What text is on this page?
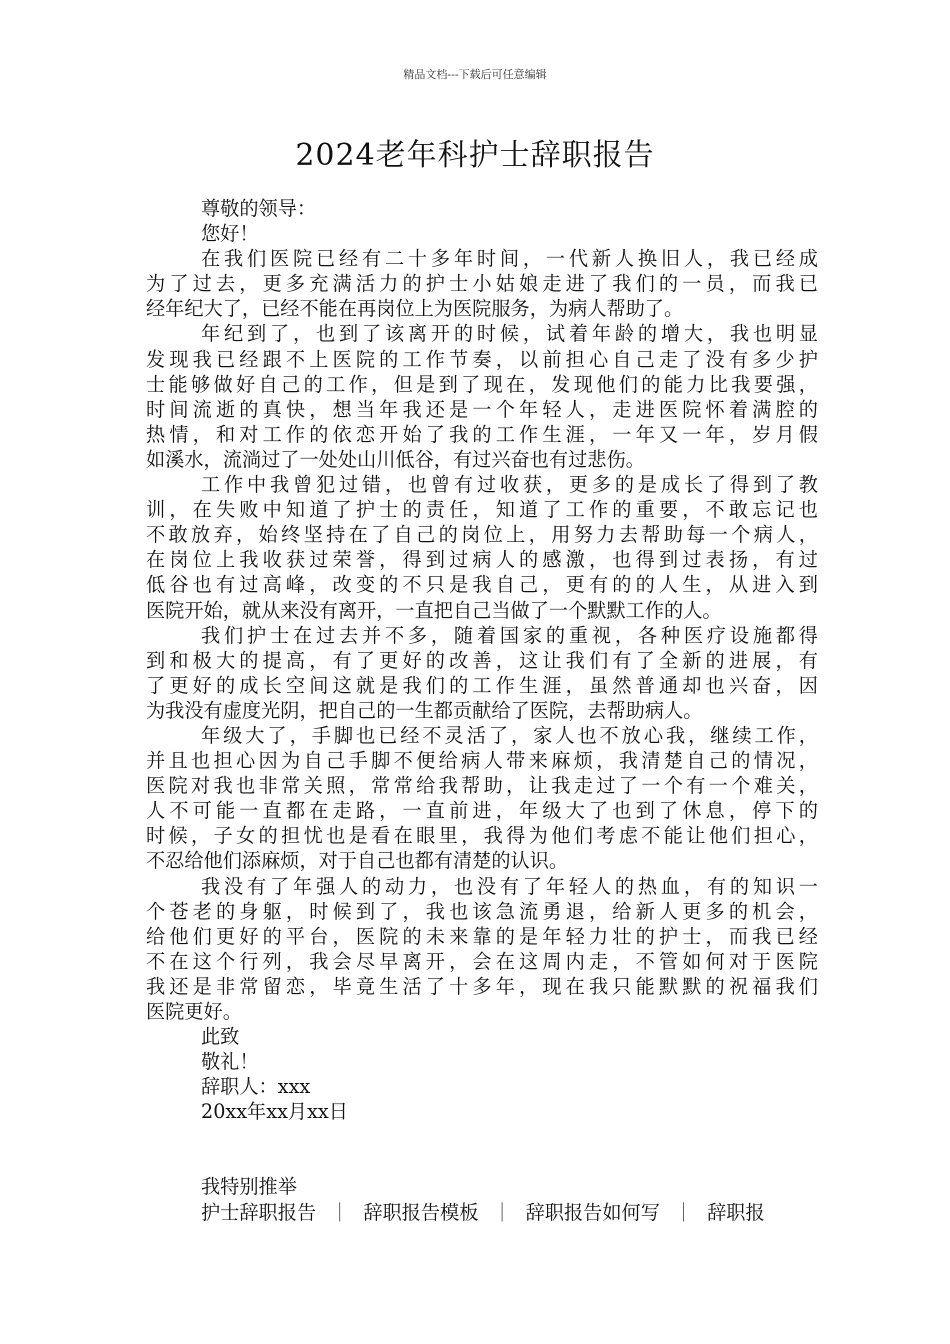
精品文档---下载后可任意编辑
2024老年科护士辞职报告
尊敬的领导：
您好！
在我们医院已经有二十多年时间，一代新人换旧人，我已经成
为了过去，更多充满活力的护士小姑娘走进了我们的一员，而我已
经年纪大了，已经不能在再岗位上为医院服务，为病人帮助了。
年纪到了，也到了该离开的时候，试着年龄的增大，我也明显
发现我已经跟不上医院的工作节奏，以前担心自己走了没有多少护
士能够做好自己的工作，但是到了现在，发现他们的能力比我要强，
时间流逝的真快，想当年我还是一个年轻人，走进医院怀着满腔的
热情，和对工作的依恋开始了我的工作生涯，一年又一年，岁月假
如溪水，流淌过了一处处山川低谷，有过兴奋也有过悲伤。
工作中我曾犯过错，也曾有过收获，更多的是成长了得到了教
训，在失败中知道了护士的责任，知道了工作的重要，不敢忘记也
不敢放弃，始终坚持在了自己的岗位上，用努力去帮助每一个病人，
在岗位上我收获过荣誉，得到过病人的感激，也得到过表扬，有过
低谷也有过高峰，改变的不只是我自己，更有的的人生，从进入到
医院开始，就从来没有离开，一直把自己当做了一个默默工作的人。
我们护士在过去并不多，随着国家的重视，各种医疗设施都得
到和极大的提高，有了更好的改善，这让我们有了全新的进展，有
了更好的成长空间这就是我们的工作生涯，虽然普通却也兴奋，因
为我没有虚度光阴，把自己的一生都贡献给了医院，去帮助病人。
年级大了，手脚也已经不灵活了，家人也不放心我，继续工作，
并且也担心因为自己手脚不便给病人带来麻烦，我清楚自己的情况，
医院对我也非常关照，常常给我帮助，让我走过了一个有一个难关，
人不可能一直都在走路，一直前进，年级大了也到了休息，停下的
时候，子女的担忧也是看在眼里，我得为他们考虑不能让他们担心，
不忍给他们添麻烦，对于自己也都有清楚的认识。
我没有了年强人的动力，也没有了年轻人的热血，有的知识一
个苍老的身躯，时候到了，我也该急流勇退，给新人更多的机会，
给他们更好的平台，医院的未来靠的是年轻力壮的护士，而我已经
不在这个行列，我会尽早离开，会在这周内走，不管如何对于医院
我还是非常留恋，毕竟生活了十多年，现在我只能默默的祝福我们
医院更好。
此致
敬礼！
辞职人：xxx
20xx年xx月xx日
我特别推举
护士辞职报告 ｜ 辞职报告模板 ｜ 辞职报告如何写 ｜ 辞职报
